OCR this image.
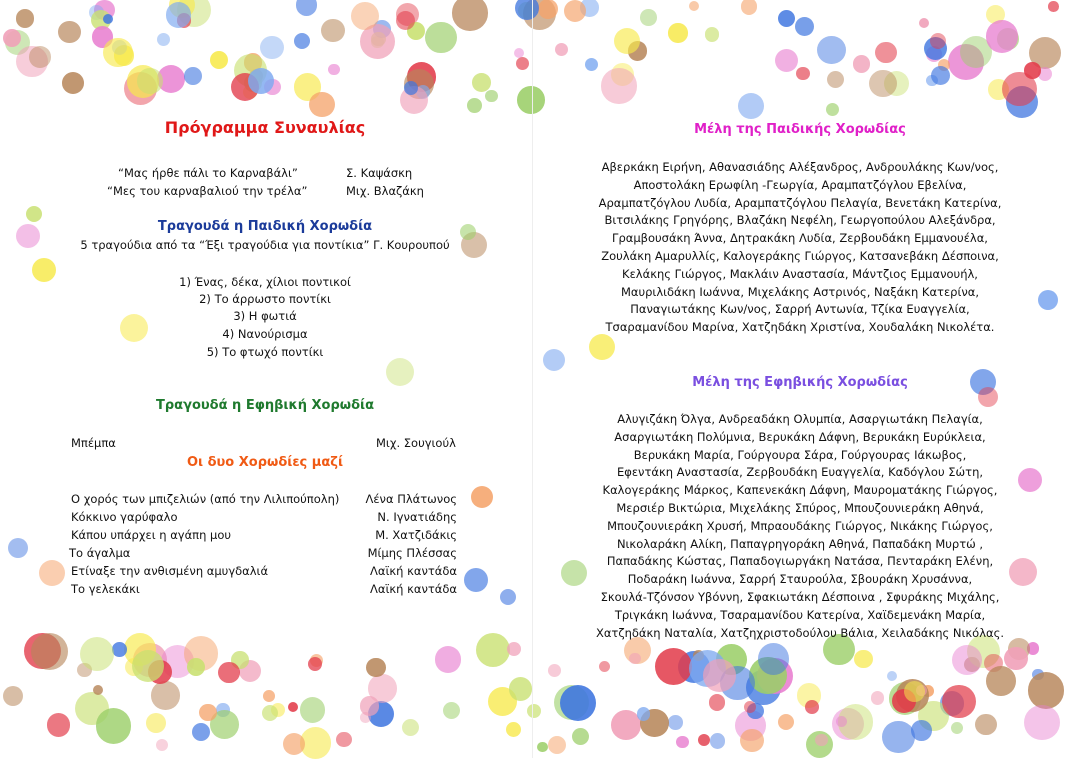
Πρόγραμμα Συναυλίας
“Μας ήρθε πάλι το Καρναβάλι”	Σ. Καψάσκη
“Μες του καρναβαλιού την τρέλα”	Μιχ. Βλαζάκη
Τραγουδά η Παιδική Χορωδία
5 τραγούδια από τα “Έξι τραγούδια για ποντίκια” Γ. Κουρουπού
1) Ένας, δέκα, χίλιοι ποντικοί
2) Το άρρωστο ποντίκι
3) Η φωτιά
4) Νανούρισμα
5) Το φτωχό ποντίκι
Τραγουδά η Εφηβική Χορωδία
Μπέμπα	Μιχ. Σουγιούλ
Οι δυο Χορωδίες μαζί
Ο χορός των μπιζελιών (από την Λιλιπούπολη) Λένα Πλάτωνος
Κόκκινο γαρύφαλο	Ν. Ιγνατιάδης
Κάπου υπάρχει η αγάπη μου	Μ. Χατζιδάκις
Το άγαλμα	Μίμης Πλέσσας
Ετίναξε την ανθισμένη αμυγδαλιά	Λαϊκή καντάδα
Το γελεκάκι	Λαϊκή καντάδα
Μέλη της Παιδικής Χορωδίας
Αβερκάκη Ειρήνη, Αθανασιάδης Αλέξανδρος, Ανδρουλάκης Κων/νος,
Αποστολάκη Ερωφίλη -Γεωργία, Αραμπατζόγλου Εβελίνα,
Αραμπατζόγλου Λυδία, Αραμπατζόγλου Πελαγία, Βενετάκη Κατερίνα,
Βιτσιλάκης Γρηγόρης, Βλαζάκη Νεφέλη, Γεωργοπούλου Αλεξάνδρα,
Γραμβουσάκη Άννα, Δητρακάκη Λυδία, Ζερβουδάκη Εμμανουέλα,
Ζουλάκη Αμαρυλλίς, Καλογεράκης Γιώργος, Κατσανεβάκη Δέσποινα,
Κελάκης Γιώργος, Μακλάιν Αναστασία, Μάντζιος Εμμανουήλ,
Μαυριλιδάκη Ιωάννα, Μιχελάκης Αστρινός, Ναξάκη Κατερίνα,
Παναγιωτάκης Κων/νος, Σαρρή Αντωνία, Τζίκα Ευαγγελία,
Τσαραμανίδου Μαρίνα, Χατζηδάκη Χριστίνα, Χουδαλάκη Νικολέτα.
Μέλη της Εφηβικής Χορωδίας
Αλυγιζάκη Όλγα, Ανδρεαδάκη Ολυμπία, Ασαργιωτάκη Πελαγία,
Ασαργιωτάκη Πολύμνια, Βερυκάκη Δάφνη, Βερυκάκη Ευρύκλεια,
Βερυκάκη Μαρία, Γούργουρα Σάρα, Γούργουρας Ιάκωβος,
Εφεντάκη Αναστασία, Ζερβουδάκη Ευαγγελία, Καδόγλου Σώτη,
Καλογεράκης Μάρκος, Καπενεκάκη Δάφνη, Μαυροματάκης Γιώργος,
Μερσιέρ Βικτώρια, Μιχελάκης Σπύρος, Μπουζουνιεράκη Αθηνά,
Μπουζουνιεράκη Χρυσή, Μπραουδάκης Γιώργος, Νικάκης Γιώργος,
Νικολαράκη Αλίκη, Παπαγρηγοράκη Αθηνά, Παπαδάκη Μυρτώ ,
Παπαδάκης Κώστας, Παπαδογιωργάκη Νατάσα, Πενταράκη Ελένη,
Ποδαράκη Ιωάννα, Σαρρή Σταυρούλα, Σβουράκη Χρυσάννα,
Σκουλά-Τζόνσον Υβόννη, Σφακιωτάκη Δέσποινα , Σφυράκης Μιχάλης,
Τριγκάκη Ιωάννα, Τσαραμανίδου Κατερίνα, Χαϊδεμενάκη Μαρία,
Χατζηδάκη Ναταλία, Χατζηχριστοδούλου Βάλια, Χειλαδάκης Νικόλας.
